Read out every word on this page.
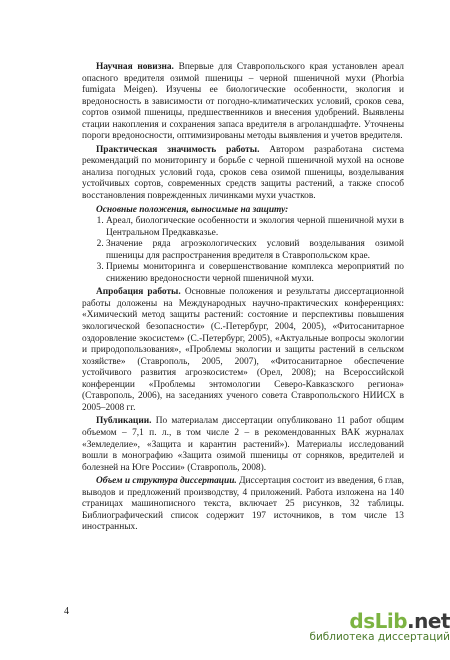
Научная новизна. Впервые для Ставропольского края установлен ареал опасного вредителя озимой пшеницы – черной пшеничной мухи (Phorbia fumigata Meigen). Изучены ее биологические особенности, экология и вредоносность в зависимости от погодно-климатических условий, сроков сева, сортов озимой пшеницы, предшественников и внесения удобрений. Выявлены стации накопления и сохранения запаса вредителя в агроландшафте. Уточнены пороги вредоносности, оптимизированы методы выявления и учетов вредителя.

Практическая значимость работы. Автором разработана система рекомендаций по мониторингу и борьбе с черной пшеничной мухой на основе анализа погодных условий года, сроков сева озимой пшеницы, возделывания устойчивых сортов, современных средств защиты растений, а также способ восстановления поврежденных личинками мухи участков.

Основные положения, выносимые на защиту:

1. Ареал, биологические особенности и экология черной пшеничной мухи в Центральном Предкавказье.
2. Значение ряда агроэкологических условий возделывания озимой пшеницы для распространения вредителя в Ставропольском крае.
3. Приемы мониторинга и совершенствование комплекса мероприятий по снижению вредоносности черной пшеничной мухи.

Апробация работы. Основные положения и результаты диссертационной работы доложены на Международных научно-практических конференциях: «Химический метод защиты растений: состояние и перспективы повышения экологической безопасности» (С.-Петербург, 2004, 2005), «Фитосанитарное оздоровление экосистем» (С.-Петербург, 2005), «Актуальные вопросы экологии и природопользования», «Проблемы экологии и защиты растений в сельском хозяйстве» (Ставрополь, 2005, 2007), «Фитосанитарное обеспечение устойчивого развития агроэкосистем» (Орел, 2008); на Всероссийской конференции «Проблемы энтомологии Северо-Кавказского региона» (Ставрополь, 2006), на заседаниях ученого совета Ставропольского НИИСХ в 2005–2008 гг.

Публикации. По материалам диссертации опубликовано 11 работ общим объемом – 7,1 п. л., в том числе 2 – в рекомендованных ВАК журналах «Земледелие», «Защита и карантин растений»). Материалы исследований вошли в монографию «Защита озимой пшеницы от сорняков, вредителей и болезней на Юге России» (Ставрополь, 2008).

Объем и структура диссертации. Диссертация состоит из введения, 6 глав, выводов и предложений производству, 4 приложений. Работа изложена на 140 страницах машинописного текста, включает 25 рисунков, 32 таблицы. Библиографический список содержит 197 источников, в том числе 13 иностранных.

4	dsLib.net
библиотека диссертаций
